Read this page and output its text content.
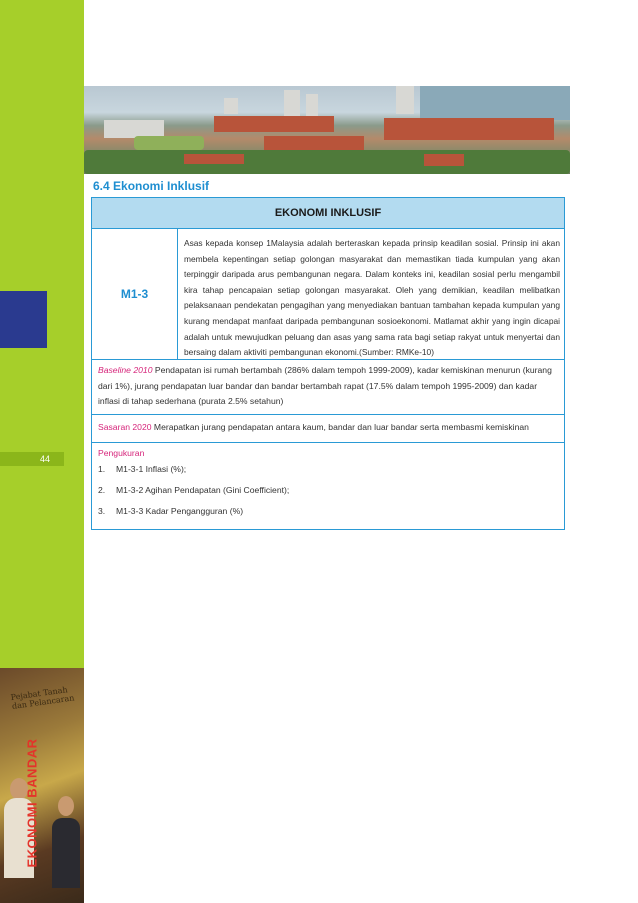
44
Pejabat Tanah dan Pelancaran
EKONOMI BANDAR
6.4 Ekonomi Inklusif
EKONOMI INKLUSIF
M1-3
Asas kepada konsep 1Malaysia adalah berteraskan kepada prinsip keadilan sosial. Prinsip ini akan membela kepentingan setiap golongan masyarakat dan memastikan tiada kumpulan yang akan terpinggir daripada arus pembangunan negara. Dalam konteks ini, keadilan sosial perlu mengambil kira tahap pencapaian setiap golongan masyarakat. Oleh yang demikian, keadilan melibatkan pelaksanaan pendekatan pengagihan yang menyediakan bantuan tambahan kepada kumpulan yang kurang mendapat manfaat daripada pembangunan sosioekonomi. Matlamat akhir yang ingin dicapai adalah untuk mewujudkan peluang dan asas yang sama rata bagi setiap rakyat untuk menyertai dan bersaing dalam aktiviti pembangunan ekonomi.(Sumber: RMKe-10)
Baseline 2010 Pendapatan isi rumah bertambah (286% dalam tempoh 1999-2009), kadar kemiskinan menurun (kurang dari 1%), jurang pendapatan luar bandar dan bandar bertambah rapat (17.5% dalam tempoh 1995-2009) dan kadar inflasi di tahap sederhana (purata 2.5% setahun)
Sasaran 2020 Merapatkan jurang pendapatan antara kaum, bandar dan luar bandar serta membasmi kemiskinan
Pengukuran
1.	M1-3-1 Inflasi (%);
2.	M1-3-2 Agihan Pendapatan (Gini Coefficient);
3.	M1-3-3 Kadar Pengangguran (%)
